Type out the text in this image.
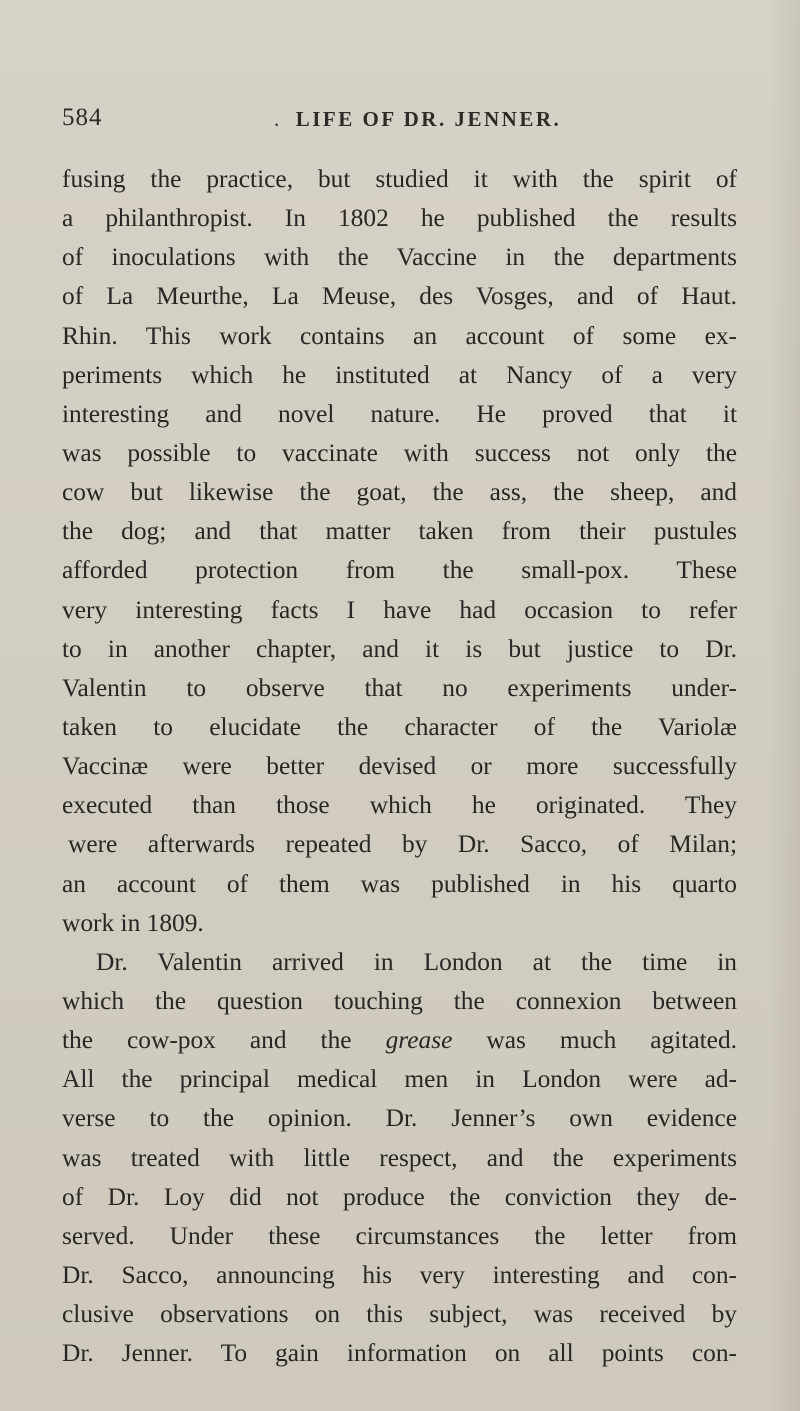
584	. LIFE OF DR. JENNER.
fusing the practice, but studied it with the spirit of
a philanthropist. In 1802 he published the results
of inoculations with the Vaccine in the departments
of La Meurthe, La Meuse, des Vosges, and of Haut.
Rhin. This work contains an account of some ex-
periments which he instituted at Nancy of a very
interesting and novel nature. He proved that it
was possible to vaccinate with success not only the
cow but likewise the goat, the ass, the sheep, and
the dog; and that matter taken from their pustules
afforded protection from the small-pox. These
very interesting facts I have had occasion to refer
to in another chapter, and it is but justice to Dr.
Valentin to observe that no experiments under-
taken to elucidate the character of the Variolæ
Vaccinæ were better devised or more successfully
executed than those which he originated. They
were afterwards repeated by Dr. Sacco, of Milan;
an account of them was published in his quarto
work in 1809.
Dr. Valentin arrived in London at the time in
which the question touching the connexion between
the cow-pox and the grease was much agitated.
All the principal medical men in London were ad-
verse to the opinion. Dr. Jenner’s own evidence
was treated with little respect, and the experiments
of Dr. Loy did not produce the conviction they de-
served. Under these circumstances the letter from
Dr. Sacco, announcing his very interesting and con-
clusive observations on this subject, was received by
Dr. Jenner. To gain information on all points con-
